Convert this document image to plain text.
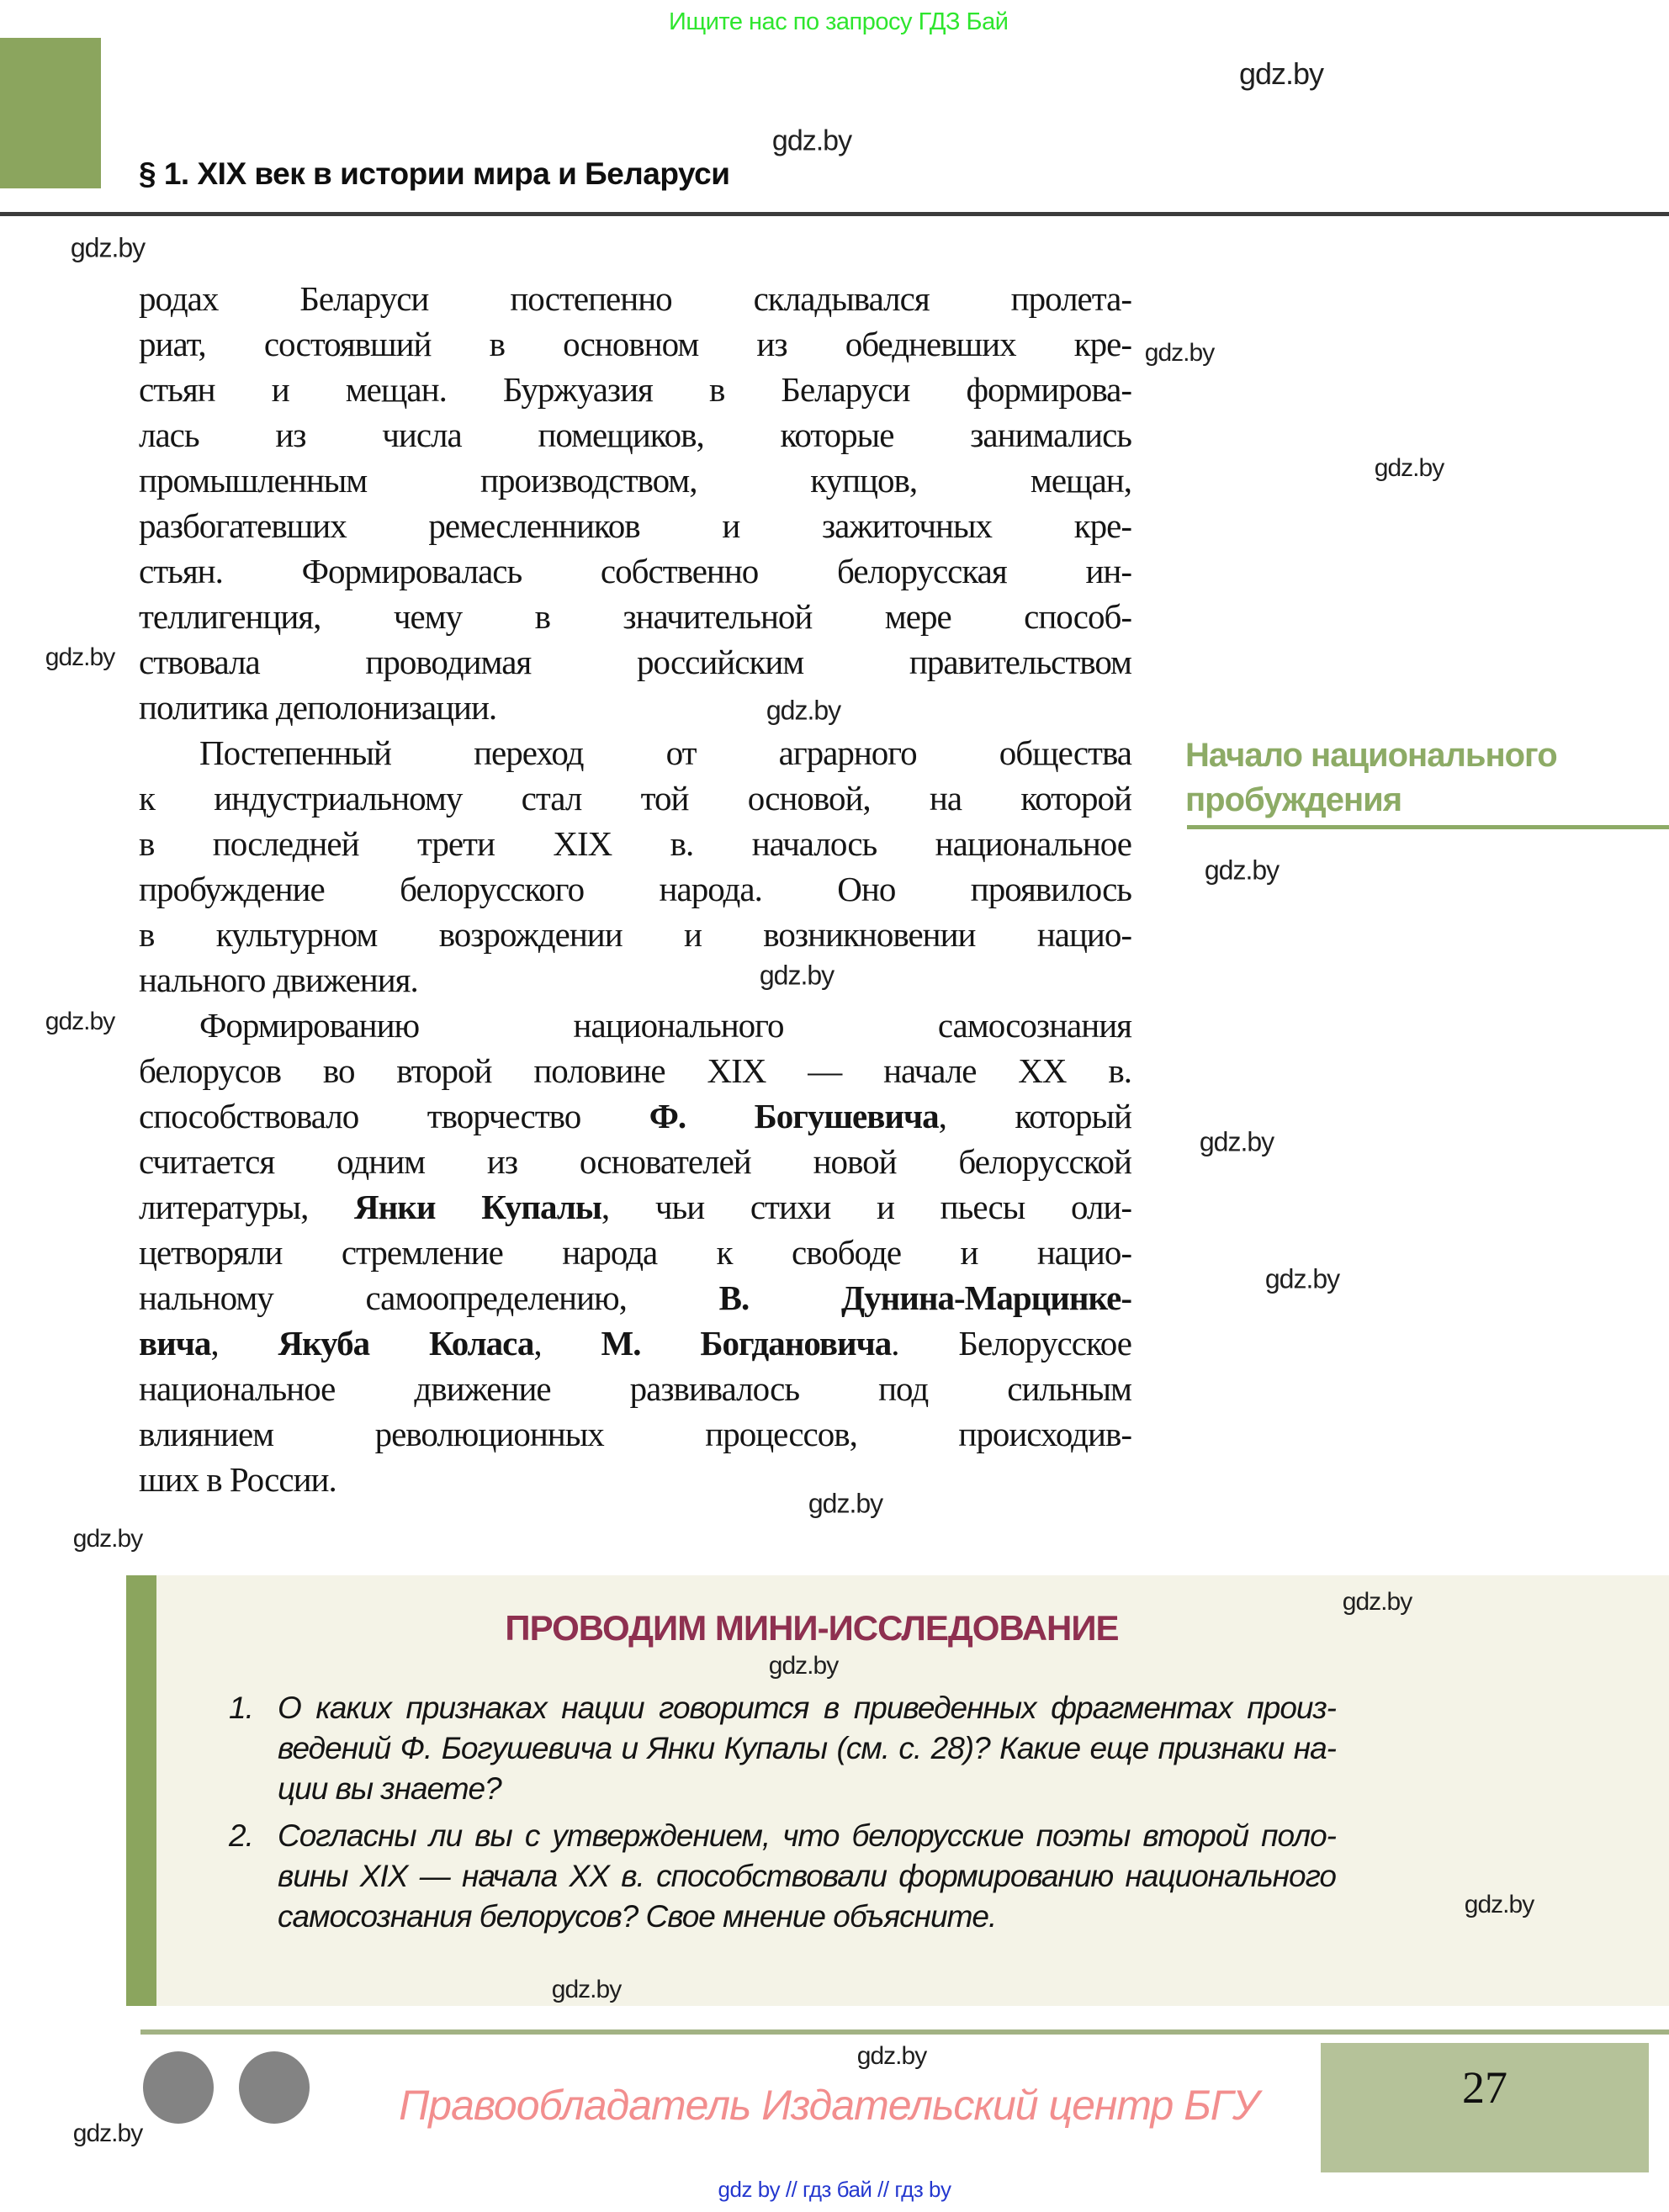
Ищите нас по запросу ГДЗ Бай
§ 1. XIX век в истории мира и Беларуси
родах Беларуси постепенно складывался пролета-
риат, состоявший в основном из обедневших кре-
стьян и мещан. Буржуазия в Беларуси формирова-
лась из числа помещиков, которые занимались
промышленным производством, купцов, мещан,
разбогатевших ремесленников и зажиточных кре-
стьян. Формировалась собственно белорусская ин-
теллигенция, чему в значительной мере способ-
ствовала проводимая российским правительством
политика деполонизации.
Постепенный переход от аграрного общества
к индустриальному стал той основой, на которой
в последней трети XIX в. началось национальное
пробуждение белорусского народа. Оно проявилось
в культурном возрождении и возникновении нацио-
нального движения.
Формированию национального самосознания
белорусов во второй половине XIX — начале XX в.
способствовало творчество Ф. Богушевича, который
считается одним из основателей новой белорусской
литературы, Янки Купалы, чьи стихи и пьесы оли-
цетворяли стремление народа к свободе и нацио-
нальному самоопределению, В. Дунина-Марцинке-
вича, Якуба Коласа, М. Богдановича. Белорусское
национальное движение развивалось под сильным
влиянием революционных процессов, происходив-
ших в России.
Начало национального
пробуждения
ПРОВОДИМ МИНИ-ИССЛЕДОВАНИЕ
1. О каких признаках нации говорится в приведенных фрагментах произ-
ведений Ф. Богушевича и Янки Купалы (см. с. 28)? Какие еще признаки на-
ции вы знаете?
2. Согласны ли вы с утверждением, что белорусские поэты второй поло-
вины XIX — начала XX в. способствовали формированию национального
самосознания белорусов? Свое мнение объясните.
Правообладатель Издательский центр БГУ	27
gdz by // гдз бай // гдз by
gdz.by
gdz.by
gdz.by
gdz.by
gdz.by
gdz.by
gdz.by
gdz.by
gdz.by
gdz.by
gdz.by
gdz.by
gdz.by
gdz.by
gdz.by
gdz.by
gdz.by
gdz.by
gdz.by
gdz.by
